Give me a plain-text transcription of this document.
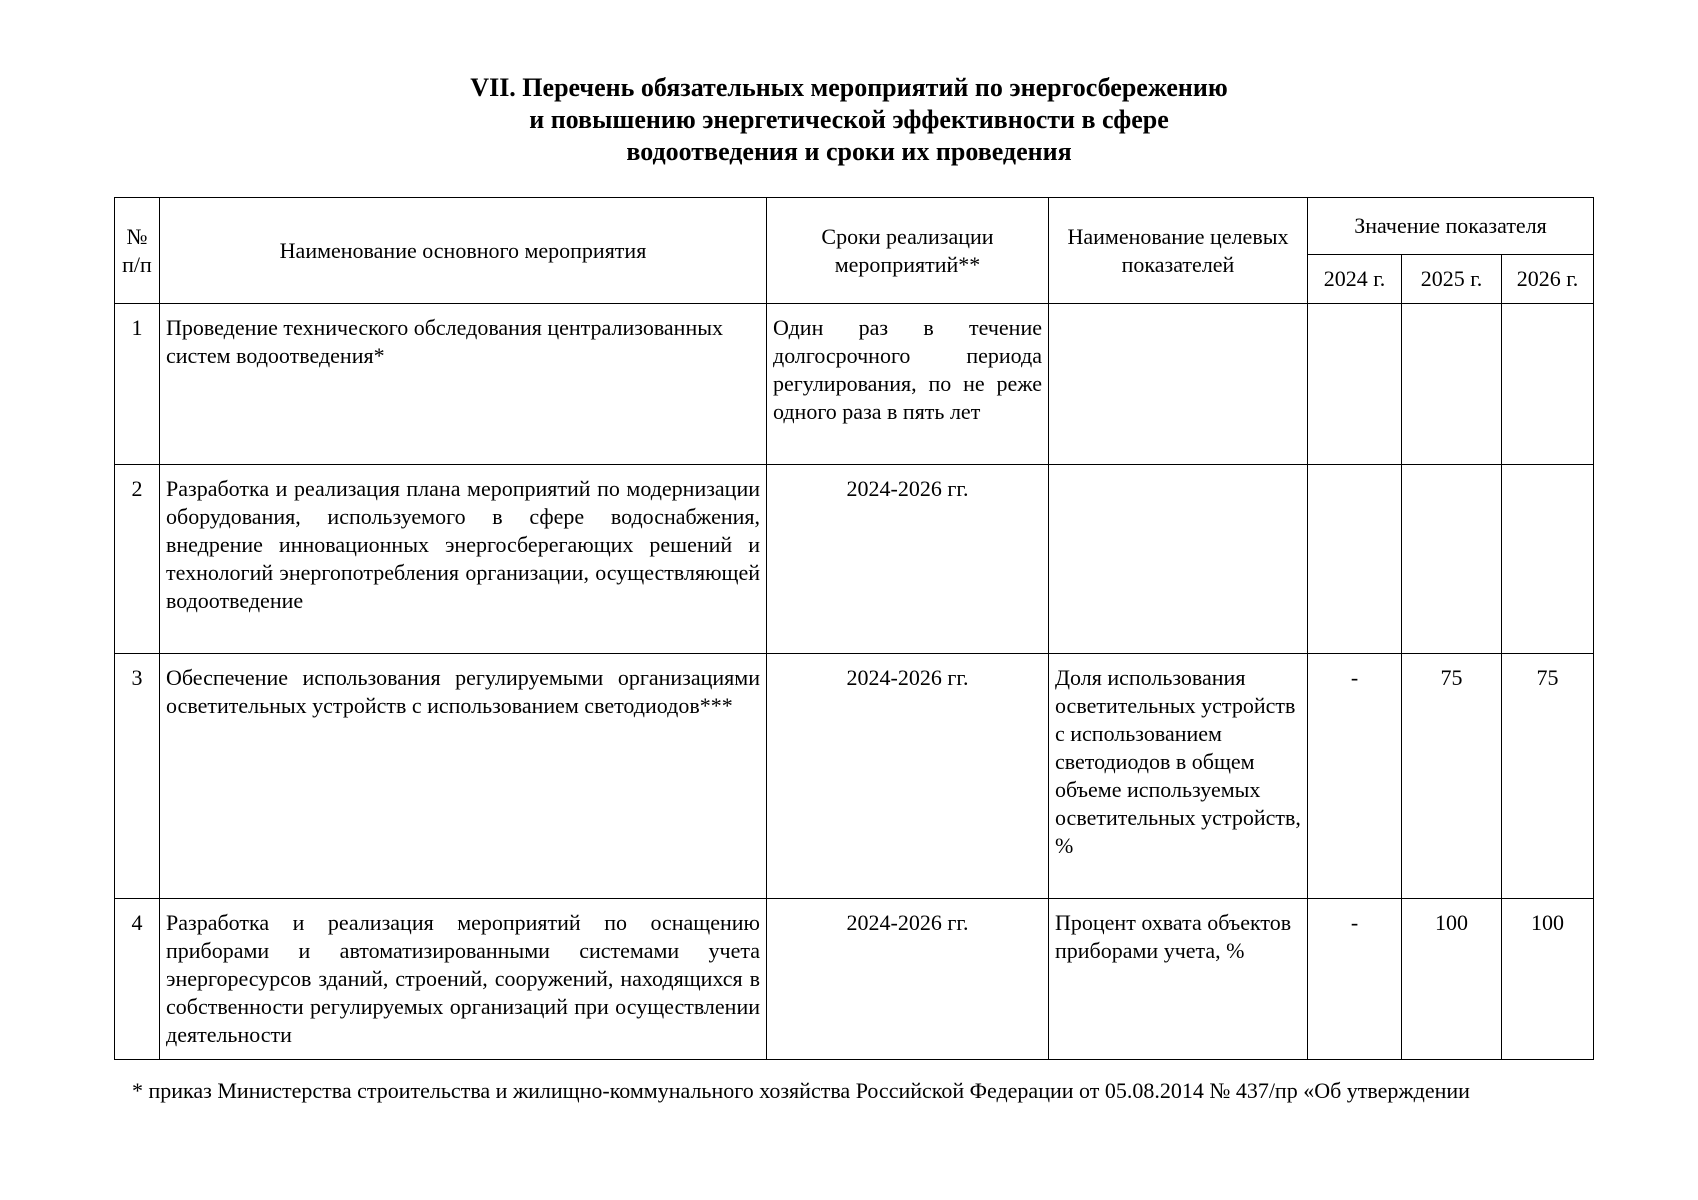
VII. Перечень обязательных мероприятий по энергосбережению
и повышению энергетической эффективности в сфере
водоотведения и сроки их проведения
№ п/п	Наименование основного мероприятия	Сроки реализации мероприятий**	Наименование целевых показателей	Значение показателя		
				2024 г.	2025 г.	2026 г.
1	Проведение технического обследования централизованных систем водоотведения*	Один раз в течение долгосрочного периода регулирования, по не реже одного раза в пять лет				
2	Разработка и реализация плана мероприятий по модернизации оборудования, используемого в сфере водоснабжения, внедрение инновационных энергосберегающих решений и технологий энергопотребления организации, осуществляющей водоотведение	2024-2026 гг.				
3	Обеспечение использования регулируемыми организациями осветительных устройств с использованием светодиодов***	2024-2026 гг.	Доля использования осветительных устройств с использованием светодиодов в общем объеме используемых осветительных устройств, %	-	75	75
4	Разработка и реализация мероприятий по оснащению приборами и автоматизированными системами учета энергоресурсов зданий, строений, сооружений, находящихся в собственности регулируемых организаций при осуществлении деятельности	2024-2026 гг.	Процент охвата объектов приборами учета, %	-	100	100
* приказ Министерства строительства и жилищно-коммунального хозяйства Российской Федерации от 05.08.2014 № 437/пр «Об утверждении
